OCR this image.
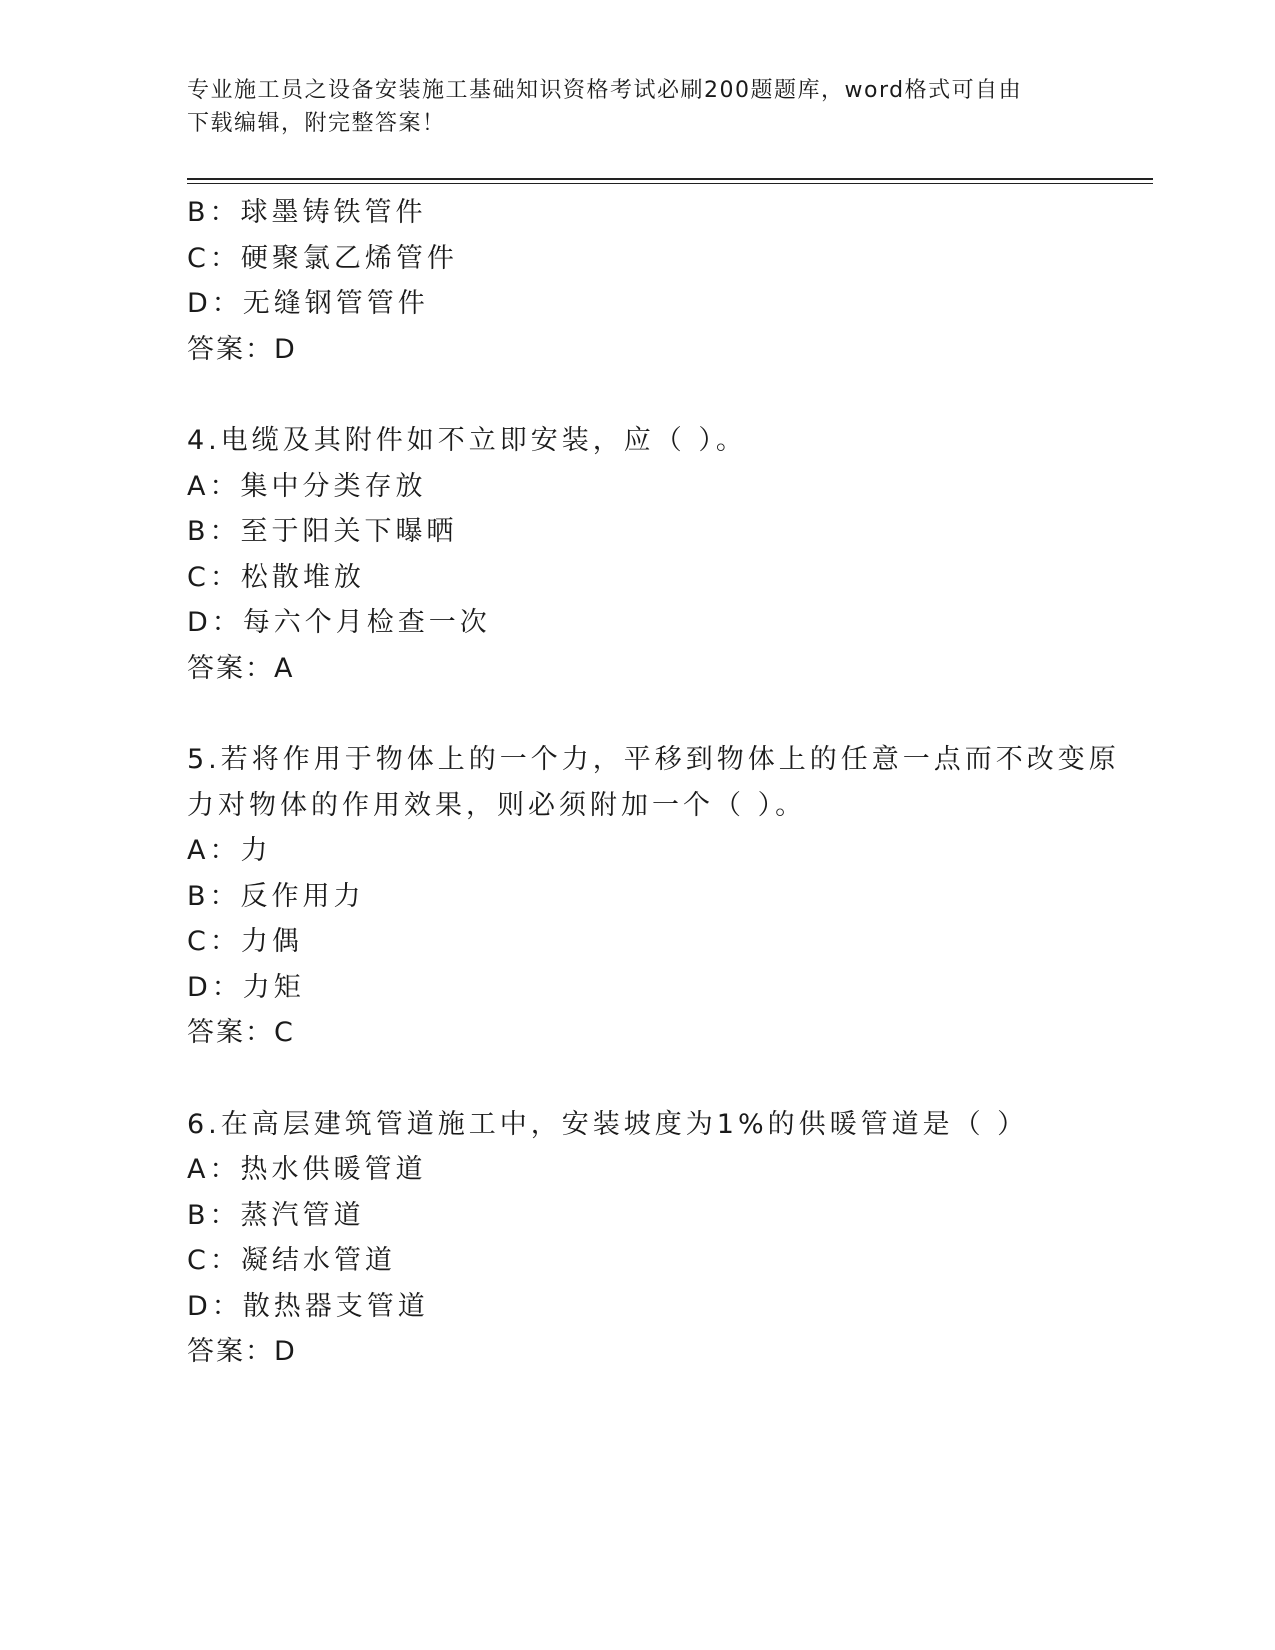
专业施工员之设备安装施工基础知识资格考试必刷200题题库，word格式可自由
下载编辑，附完整答案！
B：球墨铸铁管件
C：硬聚氯乙烯管件
D：无缝钢管管件
答案：D
4.电缆及其附件如不立即安装，应（ ）。
A：集中分类存放
B：至于阳关下曝晒
C：松散堆放
D：每六个月检查一次
答案：A
5.若将作用于物体上的一个力，平移到物体上的任意一点而不改变原
力对物体的作用效果，则必须附加一个（ ）。
A：力
B：反作用力
C：力偶
D：力矩
答案：C
6.在高层建筑管道施工中，安装坡度为1%的供暖管道是（ ）
A：热水供暖管道
B：蒸汽管道
C：凝结水管道
D：散热器支管道
答案：D
